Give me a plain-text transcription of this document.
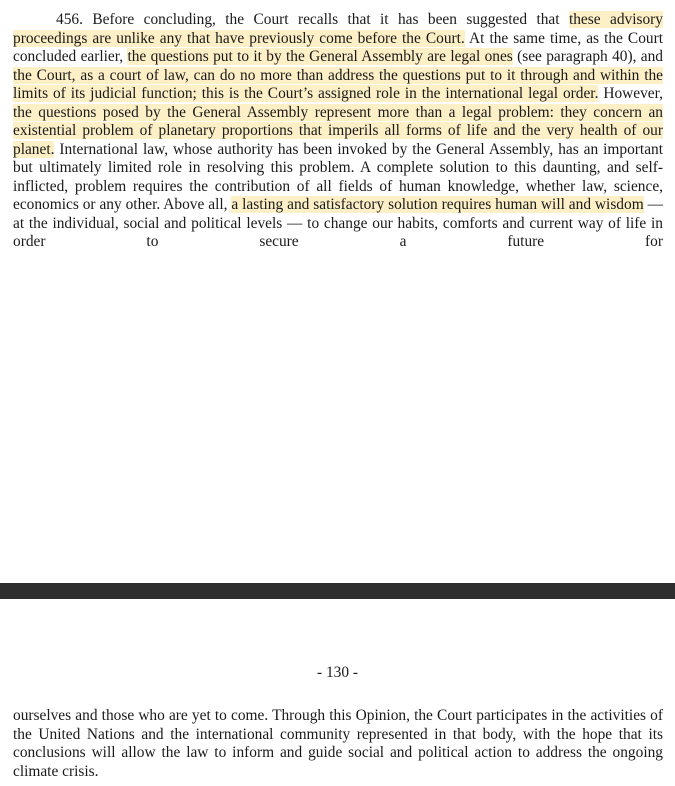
456. Before concluding, the Court recalls that it has been suggested that these advisory proceedings are unlike any that have previously come before the Court. At the same time, as the Court concluded earlier, the questions put to it by the General Assembly are legal ones (see paragraph 40), and the Court, as a court of law, can do no more than address the questions put to it through and within the limits of its judicial function; this is the Court’s assigned role in the international legal order. However, the questions posed by the General Assembly represent more than a legal problem: they concern an existential problem of planetary proportions that imperils all forms of life and the very health of our planet. International law, whose authority has been invoked by the General Assembly, has an important but ultimately limited role in resolving this problem. A complete solution to this daunting, and self-inflicted, problem requires the contribution of all fields of human knowledge, whether law, science, economics or any other. Above all, a lasting and satisfactory solution requires human will and wisdom — at the individual, social and political levels — to change our habits, comforts and current way of life in order to secure a future for

- 130 -

ourselves and those who are yet to come. Through this Opinion, the Court participates in the activities of the United Nations and the international community represented in that body, with the hope that its conclusions will allow the law to inform and guide social and political action to address the ongoing climate crisis.
